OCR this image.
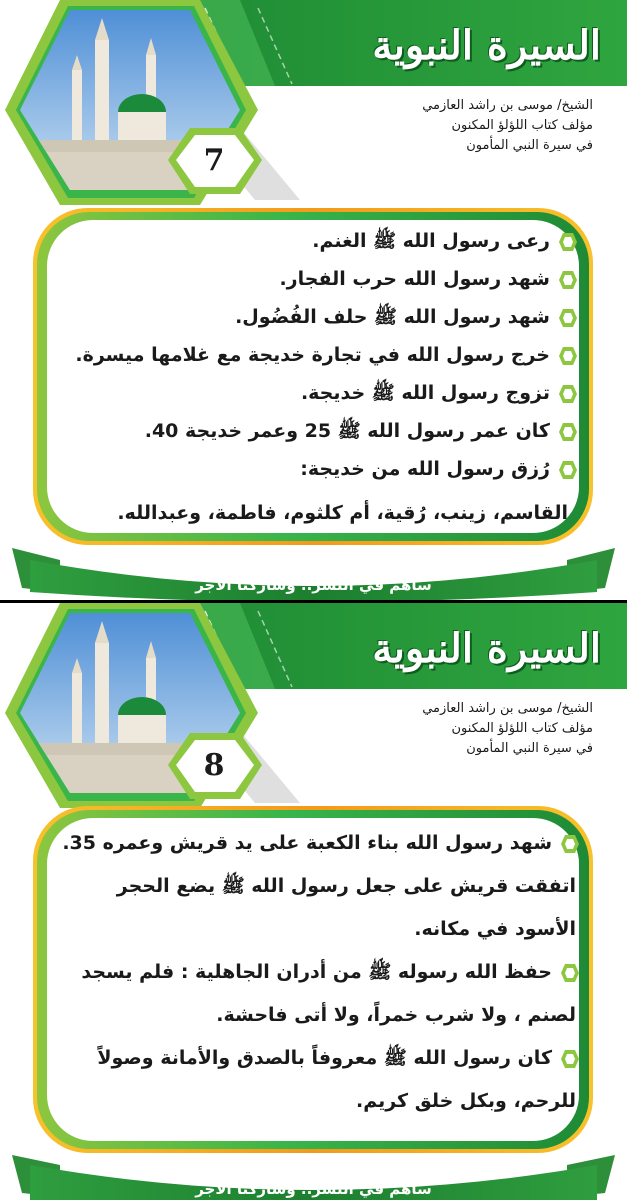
السيرة النبوية
الشيخ/ موسى بن راشد العازمي
مؤلف كتاب اللؤلؤ المكنون
في سيرة النبي المأمون
7
رعى رسول الله ﷺ الغنم.
شهد رسول الله حرب الفجار.
شهد رسول الله ﷺ حلف الفُضُول.
خرج رسول الله في تجارة خديجة مع غلامها ميسرة.
تزوج رسول الله ﷺ خديجة.
كان عمر رسول الله ﷺ 25 وعمر خديجة 40.
رُزق رسول الله من خديجة:
القاسم، زينب، رُقية، أم كلثوم، فاطمة، وعبدالله.
ساهم في النشر.. وشاركنا الأجر
السيرة النبوية
الشيخ/ موسى بن راشد العازمي
مؤلف كتاب اللؤلؤ المكنون
في سيرة النبي المأمون
8
شهد رسول الله بناء الكعبة على يد قريش وعمره 35.
اتفقت قريش على جعل رسول الله ﷺ يضع الحجر
الأسود في مكانه.
حفظ الله رسوله ﷺ من أدران الجاهلية : فلم يسجد
لصنم ، ولا شرب خمراً، ولا أتى فاحشة.
كان رسول الله ﷺ معروفاً بالصدق والأمانة وصولاً
للرحم، وبكل خلق كريم.
ساهم في النشر.. وشاركنا الأجر
